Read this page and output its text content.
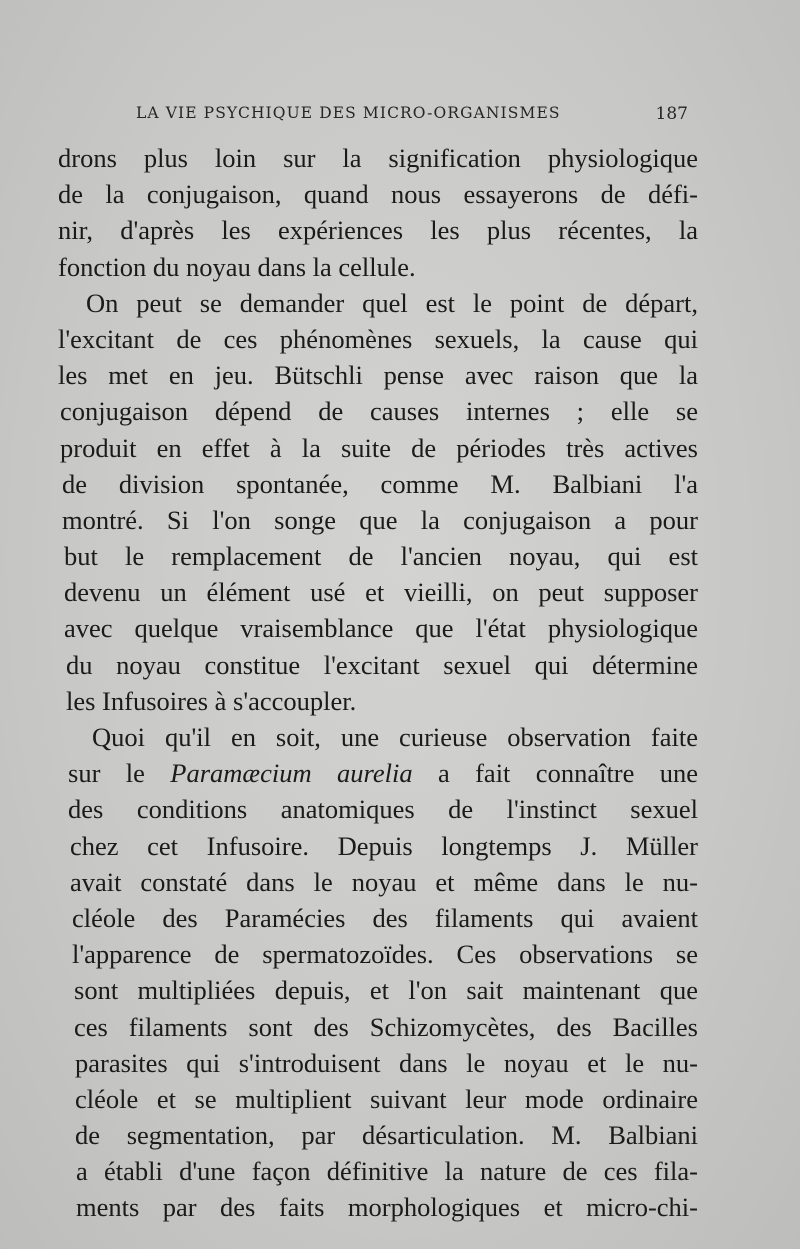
LA VIE PSYCHIQUE DES MICRO-ORGANISMES	187
drons plus loin sur la signification physiologique
de la conjugaison, quand nous essayerons de défi-
nir, d'après les expériences les plus récentes, la
fonction du noyau dans la cellule.
On peut se demander quel est le point de départ,
l'excitant de ces phénomènes sexuels, la cause qui
les met en jeu. Bütschli pense avec raison que la
conjugaison dépend de causes internes ; elle se
produit en effet à la suite de périodes très actives
de division spontanée, comme M. Balbiani l'a
montré. Si l'on songe que la conjugaison a pour
but le remplacement de l'ancien noyau, qui est
devenu un élément usé et vieilli, on peut supposer
avec quelque vraisemblance que l'état physiologique
du noyau constitue l'excitant sexuel qui détermine
les Infusoires à s'accoupler.
Quoi qu'il en soit, une curieuse observation faite
sur le Paramæcium aurelia a fait connaître une
des conditions anatomiques de l'instinct sexuel
chez cet Infusoire. Depuis longtemps J. Müller
avait constaté dans le noyau et même dans le nu-
cléole des Paramécies des filaments qui avaient
l'apparence de spermatozoïdes. Ces observations se
sont multipliées depuis, et l'on sait maintenant que
ces filaments sont des Schizomycètes, des Bacilles
parasites qui s'introduisent dans le noyau et le nu-
cléole et se multiplient suivant leur mode ordinaire
de segmentation, par désarticulation. M. Balbiani
a établi d'une façon définitive la nature de ces fila-
ments par des faits morphologiques et micro-chi-
